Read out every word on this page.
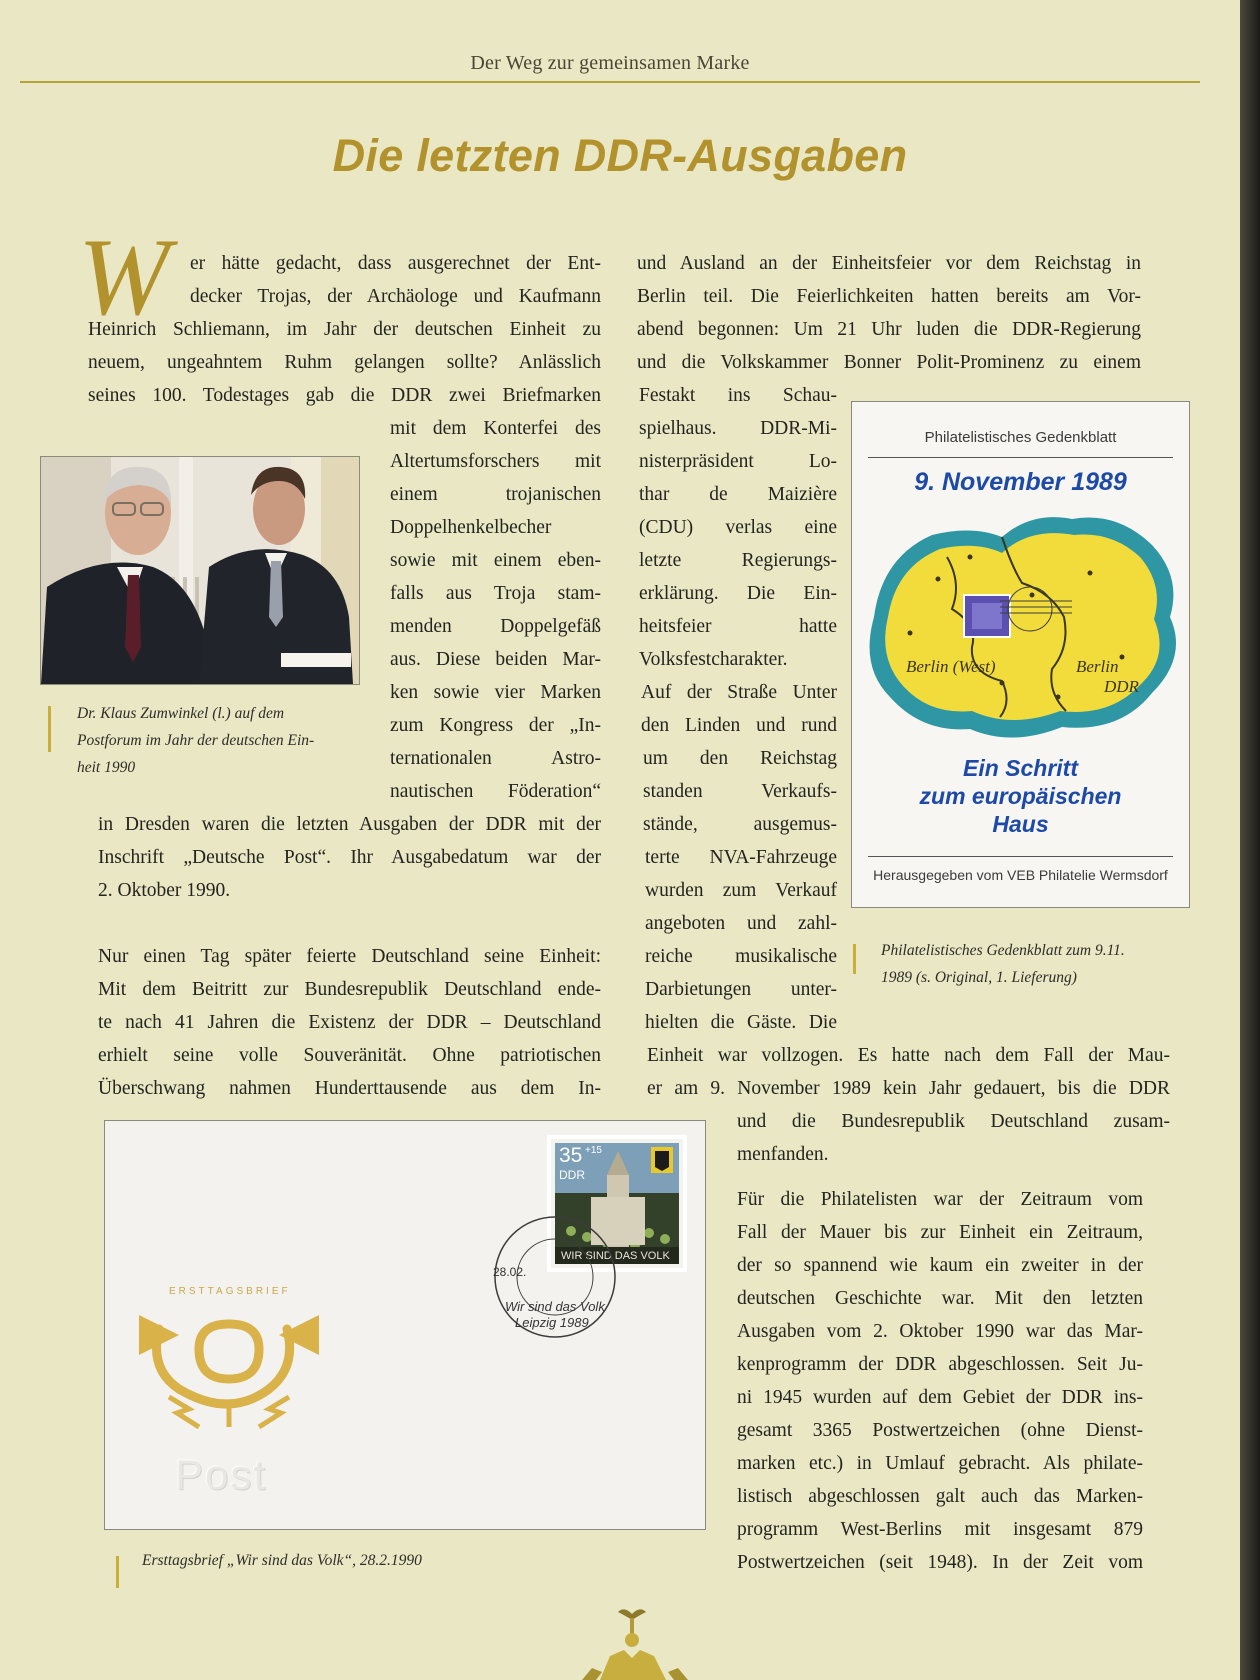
Der Weg zur gemeinsamen Marke
Die letzten DDR-Ausgaben
W er hätte gedacht, dass ausgerechnet der Ent-
decker Trojas, der Archäologe und Kaufmann
Heinrich Schliemann, im Jahr der deutschen Einheit zu
neuem, ungeahntem Ruhm gelangen sollte? Anlässlich
seines 100. Todestages gab die DDR zwei Briefmarken
mit dem Konterfei des
Altertumsforschers mit
einem trojanischen
Doppelhenkelbecher
sowie mit einem eben-
falls aus Troja stam-
menden Doppelgefäß
aus. Diese beiden Mar-
ken sowie vier Marken
zum Kongress der „In-
ternationalen Astro-
nautischen Föderation“
in Dresden waren die letzten Ausgaben der DDR mit der
Inschrift „Deutsche Post“. Ihr Ausgabedatum war der
2. Oktober 1990.
Nur einen Tag später feierte Deutschland seine Einheit:
Mit dem Beitritt zur Bundesrepublik Deutschland ende-
te nach 41 Jahren die Existenz der DDR – Deutschland
erhielt seine volle Souveränität. Ohne patriotischen
Überschwang nahmen Hunderttausende aus dem In-
und Ausland an der Einheitsfeier vor dem Reichstag in
Berlin teil. Die Feierlichkeiten hatten bereits am Vor-
abend begonnen: Um 21 Uhr luden die DDR-Regierung
und die Volkskammer Bonner Polit-Prominenz zu einem
Festakt ins Schau-
spielhaus. DDR-Mi-
nisterpräsident Lo-
thar de Maizière
(CDU) verlas eine
letzte Regierungs-
erklärung. Die Ein-
heitsfeier hatte
Volksfestcharakter.
Auf der Straße Unter
den Linden und rund
um den Reichstag
standen Verkaufs-
stände, ausgemus-
terte NVA-Fahrzeuge
wurden zum Verkauf
angeboten und zahl-
reiche musikalische
Darbietungen unter-
hielten die Gäste. Die
Einheit war vollzogen. Es hatte nach dem Fall der Mau-
er am 9. November 1989 kein Jahr gedauert, bis die DDR
und die Bundesrepublik Deutschland zusam-
menfanden.
Für die Philatelisten war der Zeitraum vom
Fall der Mauer bis zur Einheit ein Zeitraum,
der so spannend wie kaum ein zweiter in der
deutschen Geschichte war. Mit den letzten
Ausgaben vom 2. Oktober 1990 war das Mar-
kenprogramm der DDR abgeschlossen. Seit Ju-
ni 1945 wurden auf dem Gebiet der DDR ins-
gesamt 3365 Postwertzeichen (ohne Dienst-
marken etc.) in Umlauf gebracht. Als philate-
listisch abgeschlossen galt auch das Marken-
programm West-Berlins mit insgesamt 879
Postwertzeichen (seit 1948). In der Zeit vom
Dr. Klaus Zumwinkel (l.) auf dem
Postforum im Jahr der deutschen Ein-
heit 1990
Philatelistisches Gedenkblatt
9. November 1989
Berlin (West)	Berlin
DDR
Ein Schritt
zum europäischen
Haus
Herausgegeben vom VEB Philatelie Wermsdorf
Philatelistisches Gedenkblatt zum 9.11.
1989 (s. Original, 1. Lieferung)
ERSTTAGSBRIEF
Post
35 +15
DDR
WIR SIND DAS VOLK
28.02.
Wir sind das Volk
Leipzig 1989
Ersttagsbrief „Wir sind das Volk“, 28.2.1990
